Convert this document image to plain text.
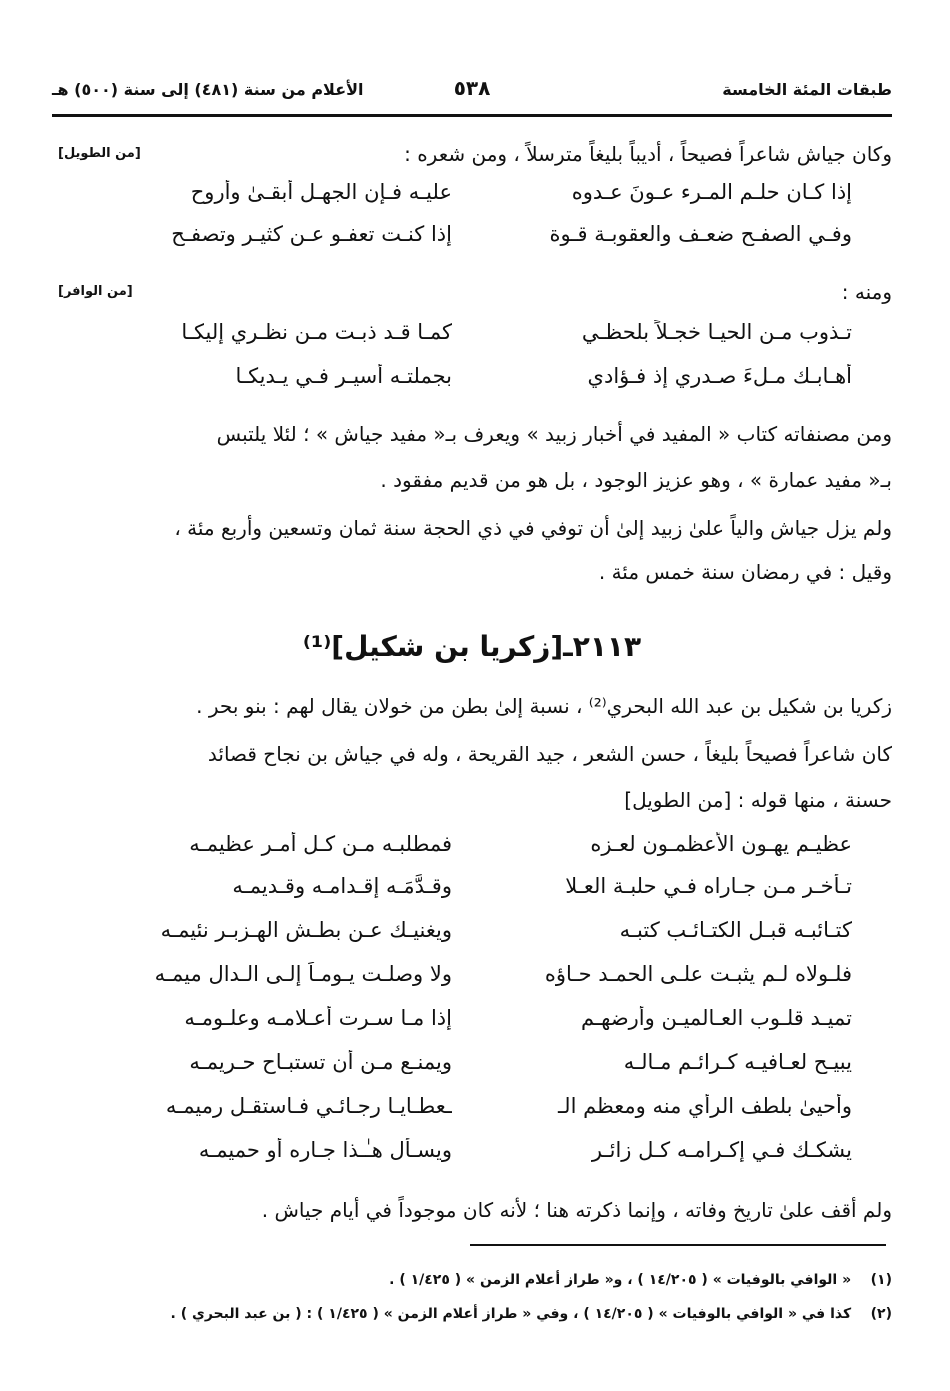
طبقات المئة الخامسة
٥٣٨
الأعلام من سنة (٤٨١) إلى سنة (٥٠٠) هـ
وكان جياش شاعراً فصيحاً ، أديباً بليغاً مترسلاً ، ومن شعره :
[من الطويل]
إذا كـان حلـم المـرء عـونَ عـدوه
عليـه فـإن الجهـل أبقـىٰ وأروح
وفـي الصفـح ضعـف والعقوبـة قـوة
إذا كنـت تعفـو عـن كثيـر وتصفـح
ومنه :
[من الوافر]
تـذوب مـن الحيـا خجـلاً بلحظـي
كمـا قـد ذبـت مـن نظـري إليكـا
أهـابـك مـلءَ صـدري إذ فـؤادي
بجملتـه أسيـر فـي يـديكـا
ومن مصنفاته كتاب « المفيد في أخبار زبيد » ويعرف بـ« مفيد جياش » ؛ لئلا يلتبس
بـ« مفيد عمارة » ، وهو عزيز الوجود ، بل هو من قديم مفقود .
ولم يزل جياش والياً علىٰ زبيد إلىٰ أن توفي في ذي الحجة سنة ثمان وتسعين وأربع مئة ،
وقيل : في رمضان سنة خمس مئة .
٢١١٣ـ[زكريا بن شكيل]⁽¹⁾
زكريا بن شكيل بن عبد الله البحري⁽²⁾ ، نسبة إلىٰ بطن من خولان يقال لهم : بنو بحر .
كان شاعراً فصيحاً بليغاً ، حسن الشعر ، جيد القريحة ، وله في جياش بن نجاح قصائد
حسنة ، منها قوله : [من الطويل]
عظيـم يهـون الأعظمـون لعـزه
فمطلبـه مـن كـل أمـر عظيمـه
تـأخـر مـن جـاراه فـي حلبـة العـلا
وقـدَّمَـه إقـدامـه وقـديمـه
كتـائبـه قبـل الكتـائـب كتبـه
ويغنيـك عـن بطـش الهـزبـر نئيمـه
فلـولاه لـم يثبـت علـى الحمـد حـاؤه
ولا وصلـت يـومـاً إلـى الـدال ميمـه
تميـد قلـوب العـالميـن وأرضهـم
إذا مـا سـرت أعـلامـه وعلـومـه
يبيـح لعـافيـه كـرائـم مـالـه
ويمنـع مـن أن تستبـاح حـريمـه
وأحيىٰ بلطف الرأي منه ومعظم الـ
ـعطـايـا رجـائـي فـاستقـل رميمـه
يشكـك فـي إكـرامـه كـل زائـر
ويسـأل هـٰـذا جـاره أو حميمـه
ولم أقف علىٰ تاريخ وفاته ، وإنما ذكرته هنا ؛ لأنه كان موجوداً في أيام جياش .
(١) « الوافي بالوفيات » ( ١٤/٢٠٥ ) ، و« طراز أعلام الزمن » ( ١/٤٢٥ ) .
(٢) كذا في « الوافي بالوفيات » ( ١٤/٢٠٥ ) ، وفي « طراز أعلام الزمن » ( ١/٤٢٥ ) : ( بن عبد البحري ) .
